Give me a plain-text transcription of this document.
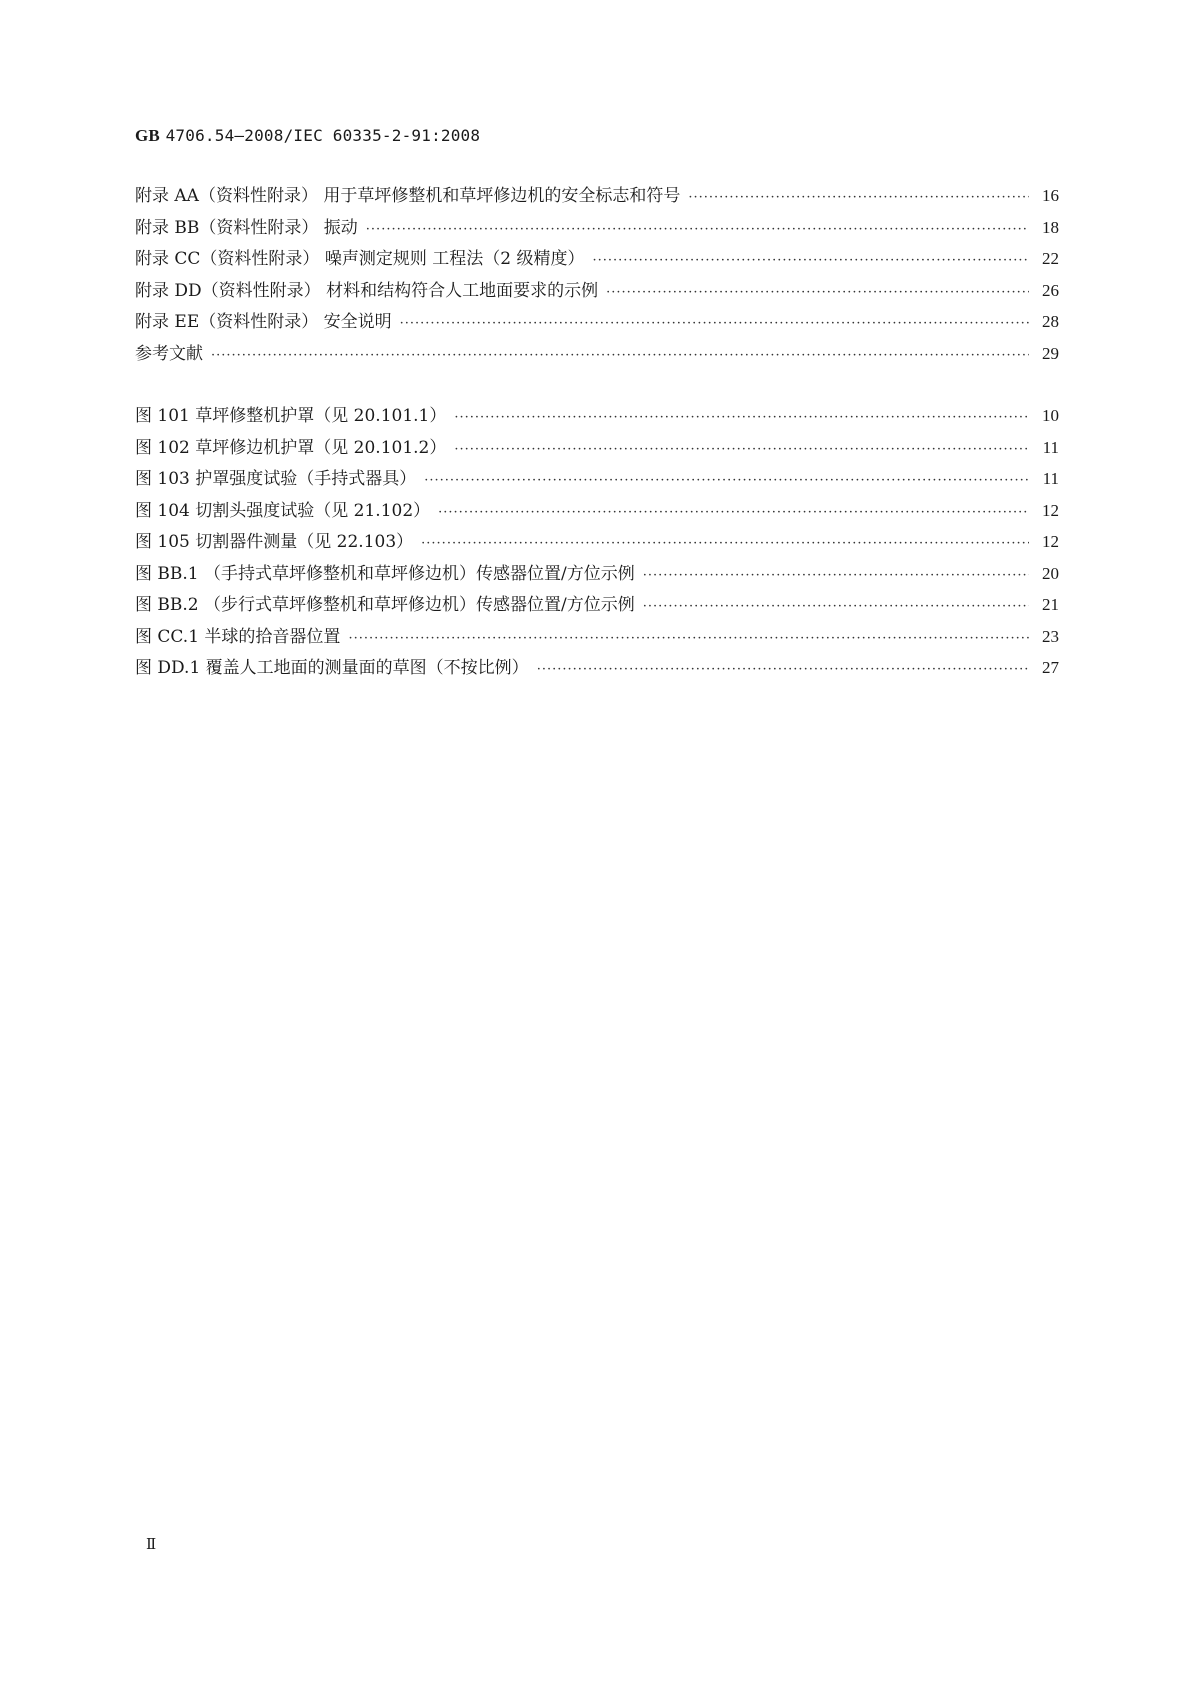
GB 4706.54—2008/IEC 60335-2-91:2008
附录 AA（资料性附录） 用于草坪修整机和草坪修边机的安全标志和符号 ·····	16
附录 BB（资料性附录） 振动 ·····	18
附录 CC（资料性附录） 噪声测定规则 工程法（2 级精度） ·····	22
附录 DD（资料性附录） 材料和结构符合人工地面要求的示例 ·····	26
附录 EE（资料性附录） 安全说明 ·····	28
参考文献 ·····	29
图 101 草坪修整机护罩（见 20.101.1） ·····	10
图 102 草坪修边机护罩（见 20.101.2） ·····	11
图 103 护罩强度试验（手持式器具） ·····	11
图 104 切割头强度试验（见 21.102） ·····	12
图 105 切割器件测量（见 22.103） ·····	12
图 BB.1 （手持式草坪修整机和草坪修边机）传感器位置/方位示例 ·····	20
图 BB.2 （步行式草坪修整机和草坪修边机）传感器位置/方位示例 ·····	21
图 CC.1 半球的拾音器位置 ·····	23
图 DD.1 覆盖人工地面的测量面的草图（不按比例） ·····	27
Ⅱ
